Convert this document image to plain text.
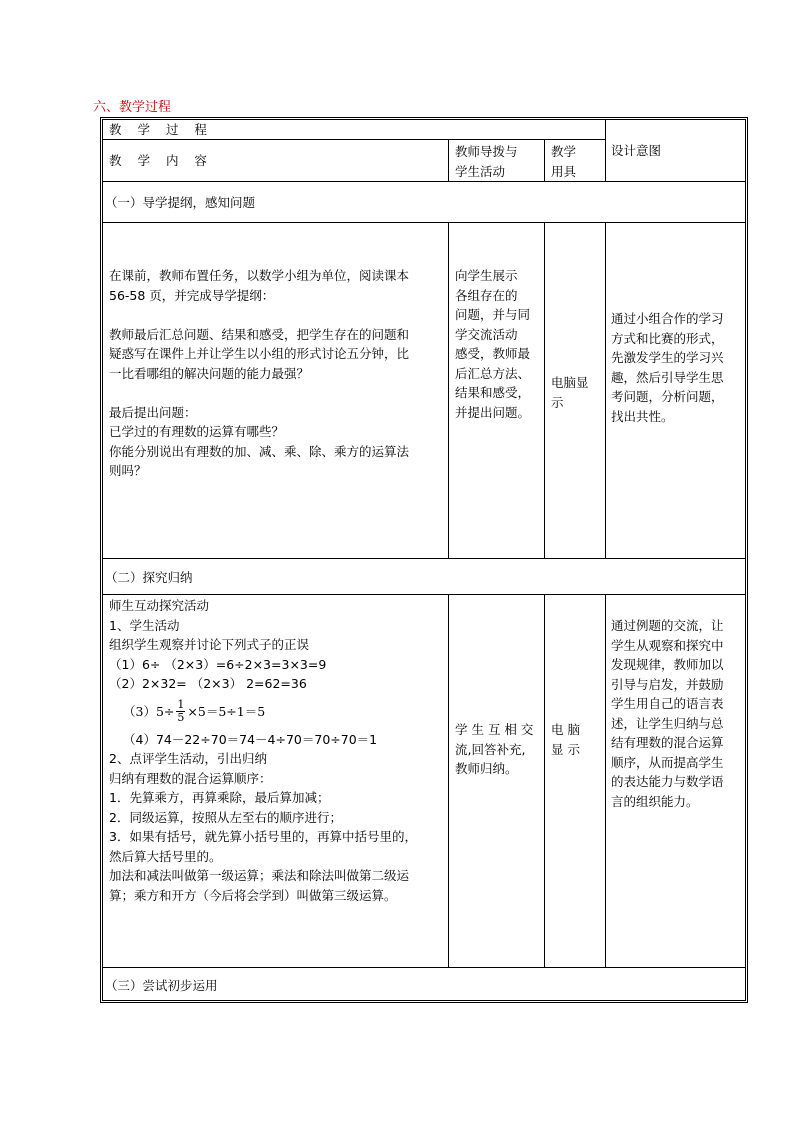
六、教学过程
教 学 过 程
教 学 内 容
教师导拨与
学生活动
教学
用具
设计意图
（一）导学提纲，感知问题
在课前，教师布置任务，以数学小组为单位，阅读课本
56-58 页，并完成导学提纲：
教师最后汇总问题、结果和感受，把学生存在的问题和
疑惑写在课件上并让学生以小组的形式讨论五分钟，比
一比看哪组的解决问题的能力最强？
最后提出问题：
已学过的有理数的运算有哪些？
你能分别说出有理数的加、减、乘、除、乘方的运算法
则吗？
向学生展示
各组存在的
问题，并与同
学交流活动
感受，教师最
后汇总方法、
结果和感受，
并提出问题。
电脑显
示
通过小组合作的学习
方式和比赛的形式，
先激发学生的学习兴
趣，然后引导学生思
考问题，分析问题，
找出共性。
（二）探究归纳
师生互动探究活动
1、学生活动
组织学生观察并讨论下列式子的正误
（1）6÷ （2×3）=6÷2×3=3×3=9
（2）2×32= （2×3） 2=62=36
（3） $5\div \frac{1}{5} \times 5=5\div 1=5$
（4）74－22÷70＝74－4÷70＝70÷70＝1
2、点评学生活动，引出归纳
归纳有理数的混合运算顺序：
1．先算乘方，再算乘除，最后算加减；
2．同级运算，按照从左至右的顺序进行；
3．如果有括号，就先算小括号里的，再算中括号里的，
然后算大括号里的。
加法和减法叫做第一级运算；乘法和除法叫做第二级运
算；乘方和开方（今后将会学到）叫做第三级运算。
学 生 互 相 交
流,回答补充,
教师归纳。
电 脑
显 示
通过例题的交流，让
学生从观察和探究中
发现规律，教师加以
引导与启发，并鼓励
学生用自己的语言表
述，让学生归纳与总
结有理数的混合运算
顺序，从而提高学生
的表达能力与数学语
言的组织能力。
（三）尝试初步运用
